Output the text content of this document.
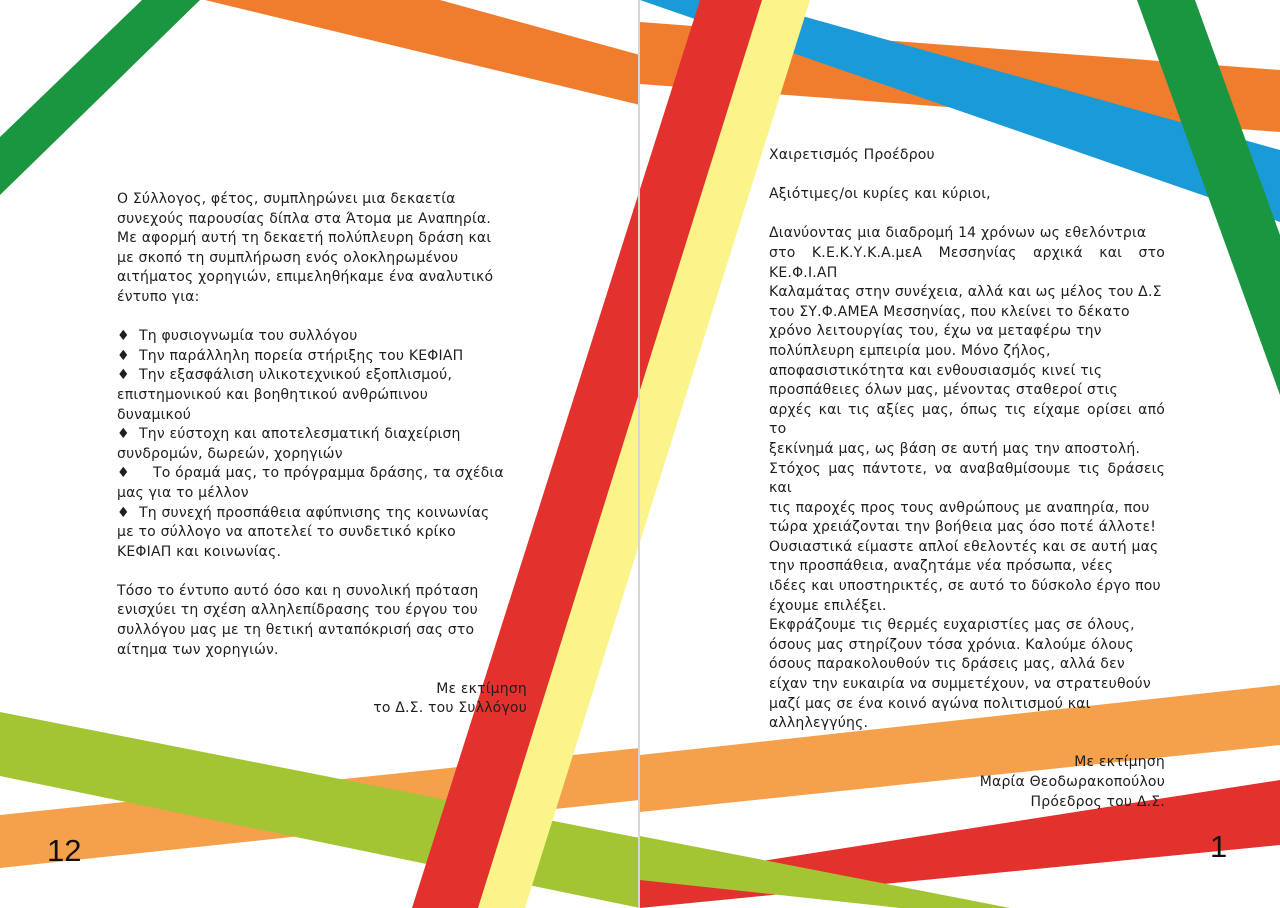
Ο Σύλλογος, φέτος, συμπληρώνει μια δεκαετία

συνεχούς παρουσίας δίπλα στα Άτομα με Αναπηρία.

Με αφορμή αυτή τη δεκαετή πολύπλευρη δράση και

με σκοπό τη συμπλήρωση ενός ολοκληρωμένου

αιτήματος χορηγιών, επιμεληθήκαμε ένα αναλυτικό

έντυπο για:

♦ Τη φυσιογνωμία του συλλόγου

♦ Την παράλληλη πορεία στήριξης του ΚΕΦΙΑΠ

♦ Την εξασφάλιση υλικοτεχνικού εξοπλισμού,

επιστημονικού και βοηθητικού ανθρώπινου

δυναμικού

♦ Την εύστοχη και αποτελεσματική διαχείριση

συνδρομών, δωρεών, χορηγιών

♦   Το όραμά μας, το πρόγραμμα δράσης, τα σχέδια

μας για το μέλλον

♦ Τη συνεχή προσπάθεια αφύπνισης της κοινωνίας

με το σύλλογο να αποτελεί το συνδετικό κρίκο

ΚΕΦΙΑΠ και κοινωνίας.

Τόσο το έντυπο αυτό όσο και η συνολική πρόταση

ενισχύει τη σχέση αλληλεπίδρασης του έργου του

συλλόγου μας με τη θετική ανταπόκρισή σας στο

αίτημα των χορηγιών.

Με εκτίμηση

το Δ.Σ. του Συλλόγου

12

Χαιρετισμός Προέδρου

Αξιότιμες/οι κυρίες και κύριοι,

Διανύοντας μια διαδρομή 14 χρόνων ως εθελόντρια

στο Κ.Ε.Κ.Υ.Κ.Α.μεΑ Μεσσηνίας αρχικά και στο ΚΕ.Φ.Ι.ΑΠ

Καλαμάτας στην συνέχεια, αλλά και ως μέλος του Δ.Σ

του ΣΥ.Φ.ΑΜΕΑ Μεσσηνίας, που κλείνει το δέκατο

χρόνο λειτουργίας του, έχω να μεταφέρω την

πολύπλευρη εμπειρία μου. Μόνο ζήλος,

αποφασιστικότητα και ενθουσιασμός κινεί τις

προσπάθειες όλων μας, μένοντας σταθεροί στις

αρχές και τις αξίες μας, όπως τις είχαμε ορίσει από το

ξεκίνημά μας, ως βάση σε αυτή μας την αποστολή.

Στόχος μας πάντοτε, να αναβαθμίσουμε τις δράσεις και

τις παροχές προς τους ανθρώπους με αναπηρία, που

τώρα χρειάζονται την βοήθεια μας όσο ποτέ άλλοτε!

Ουσιαστικά είμαστε απλοί εθελοντές και σε αυτή μας

την προσπάθεια, αναζητάμε νέα πρόσωπα, νέες

ιδέες και υποστηρικτές, σε αυτό το δύσκολο έργο που

έχουμε επιλέξει.

Εκφράζουμε τις θερμές ευχαριστίες μας σε όλους,

όσους μας στηρίζουν τόσα χρόνια. Καλούμε όλους

όσους παρακολουθούν τις δράσεις μας, αλλά δεν

είχαν την ευκαιρία να συμμετέχουν, να στρατευθούν

μαζί μας σε ένα κοινό αγώνα πολιτισμού και

αλληλεγγύης.

Με εκτίμηση

Μαρία Θεοδωρακοπούλου

Πρόεδρος του Δ.Σ.

1
